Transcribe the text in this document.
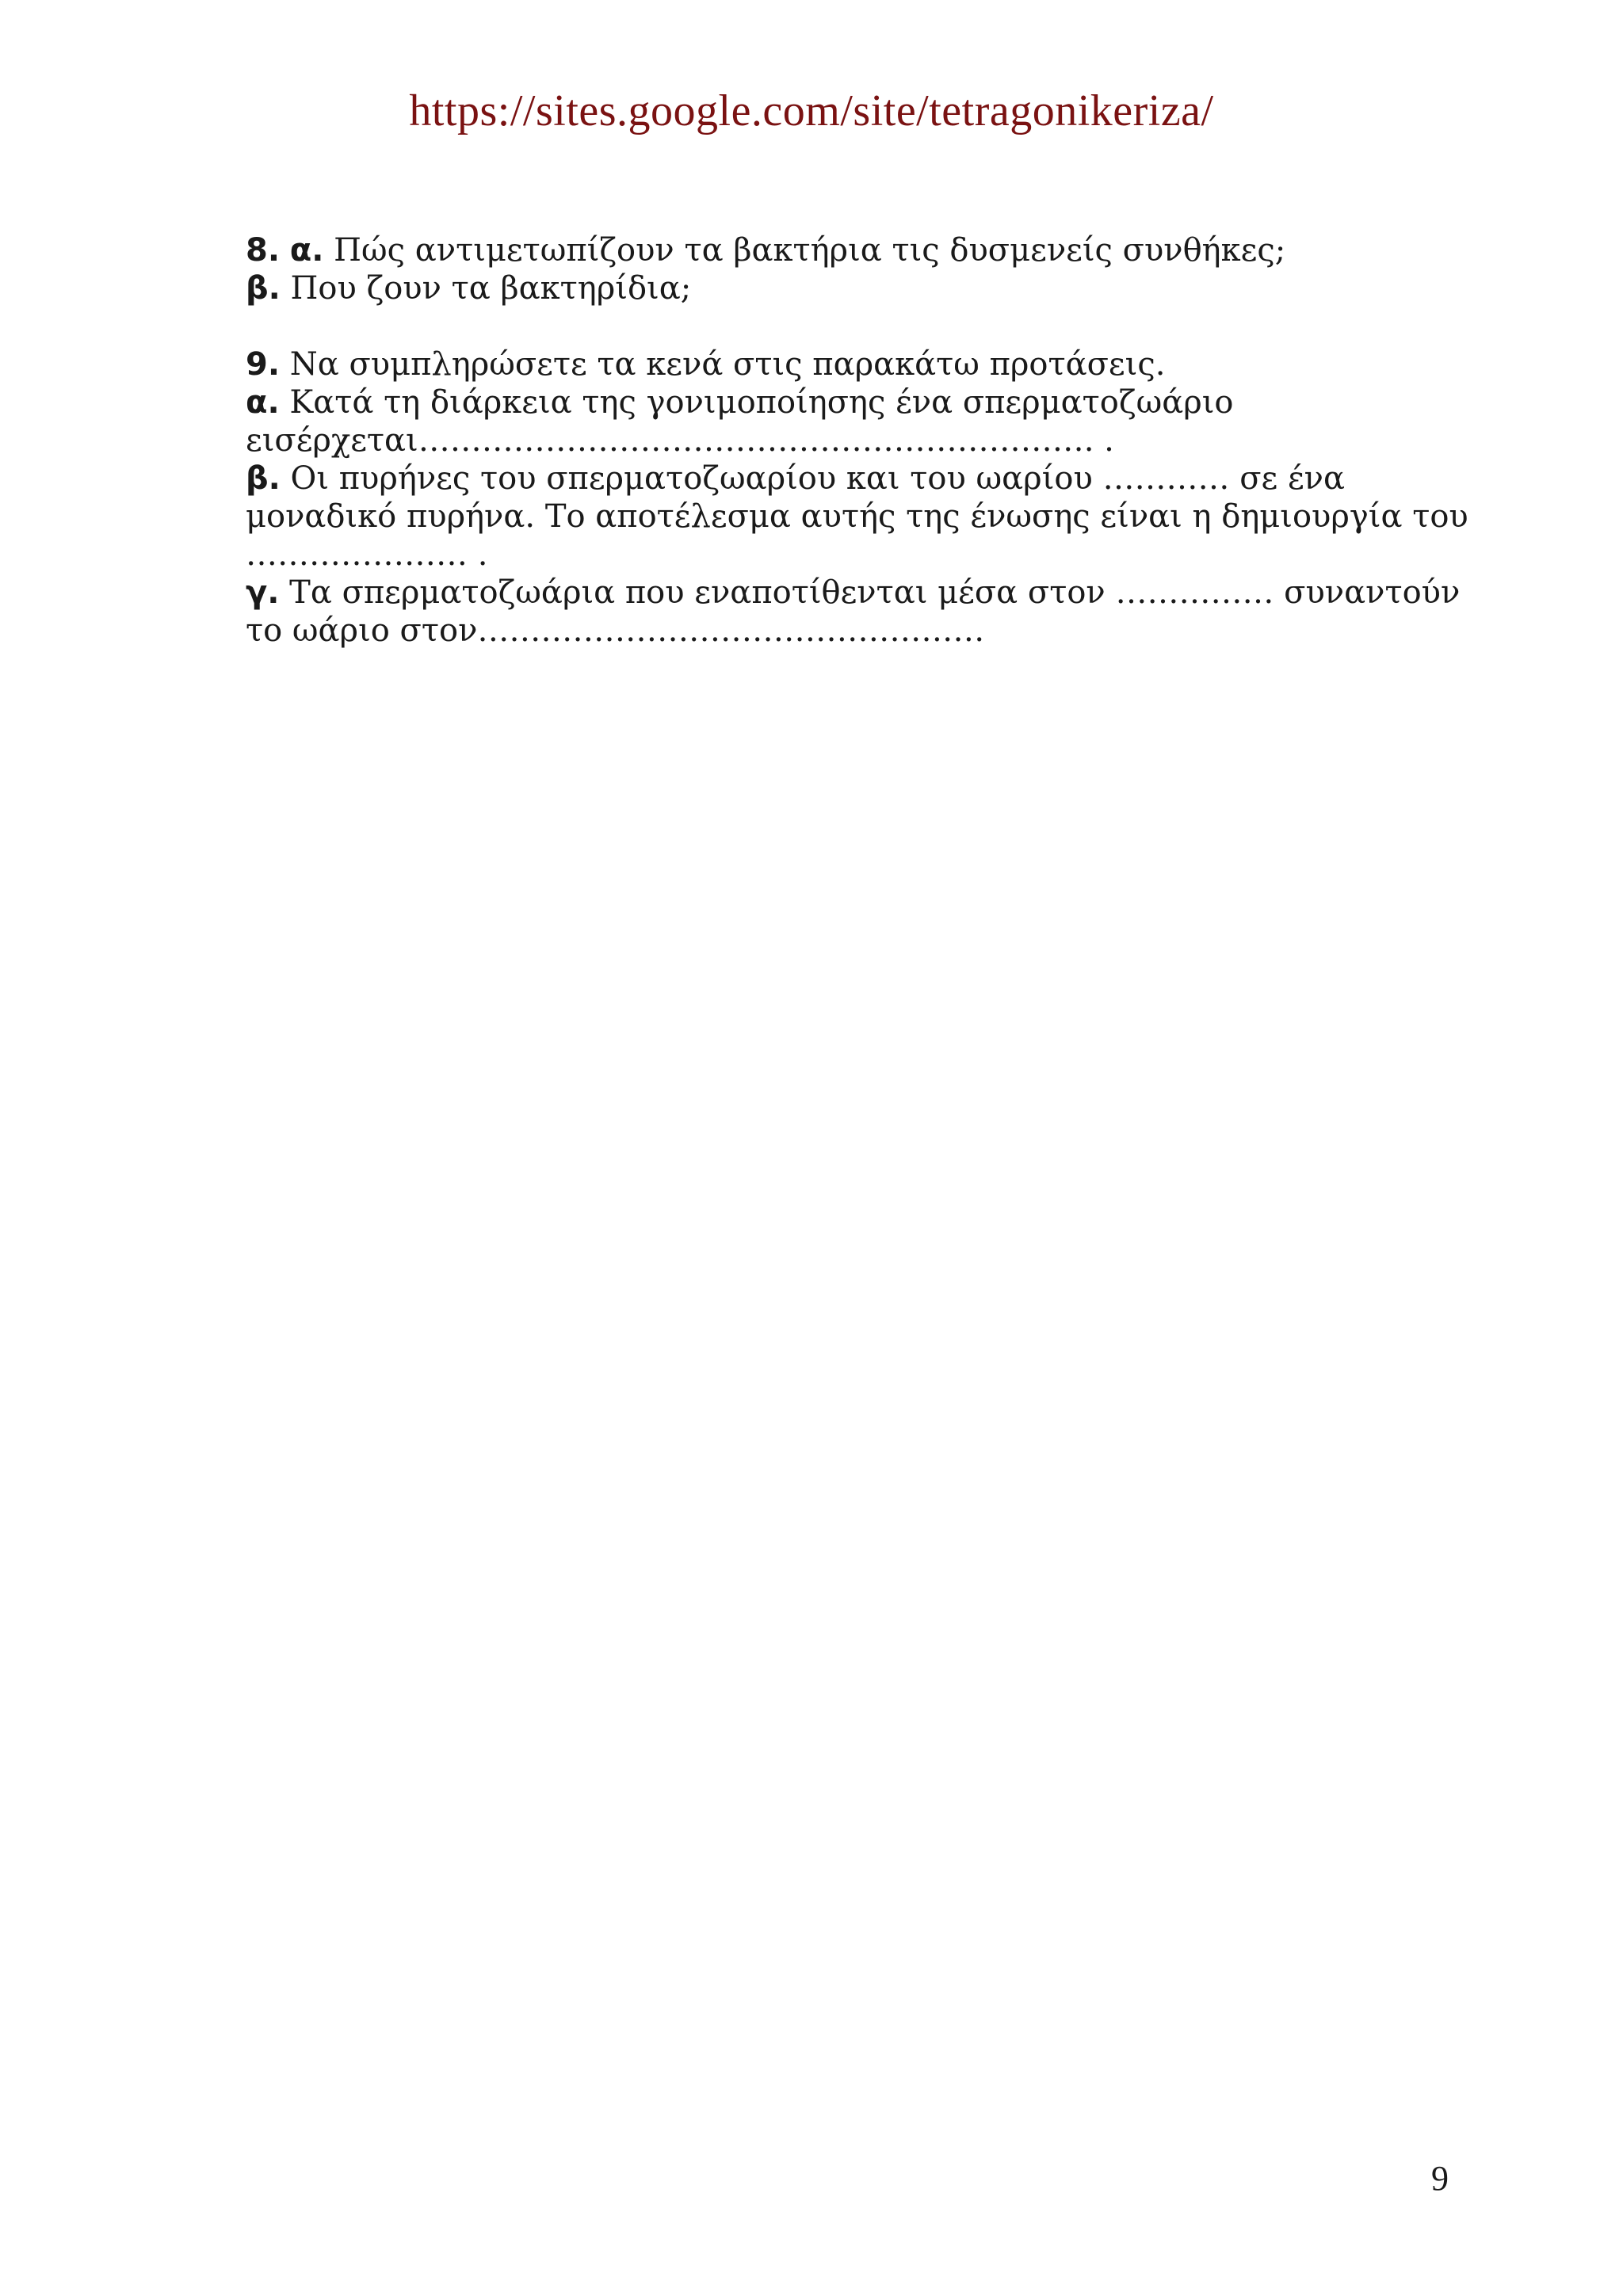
https://sites.google.com/site/tetragonikeriza/
8. α. Πώς αντιμετωπίζουν τα βακτήρια τις δυσμενείς συνθήκες;
β. Που ζουν τα βακτηρίδια;
9. Να συμπληρώσετε τα κενά στις παρακάτω προτάσεις.
α. Κατά τη διάρκεια της γονιμοποίησης ένα σπερματοζωάριο
εισέρχεται………………………………………………………. .
β. Οι πυρήνες του σπερματοζωαρίου και του ωαρίου ………… σε ένα
μοναδικό πυρήνα. Το αποτέλεσμα αυτής της ένωσης είναι η δημιουργία του
………………… .
γ. Τα σπερματοζωάρια που εναποτίθενται μέσα στον …………… συναντούν
το ωάριο στον…………………………………………
9
